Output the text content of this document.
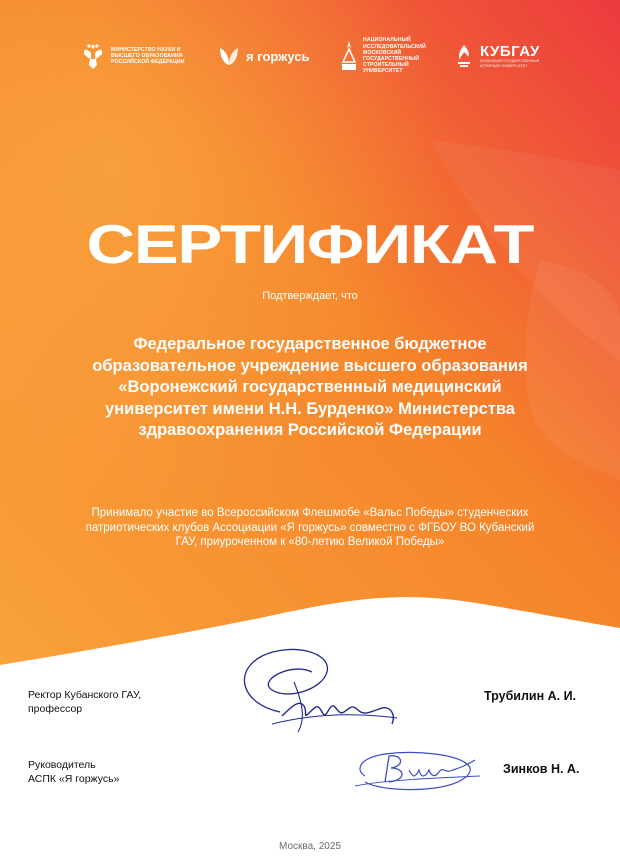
МИНИСТЕРСТВО НАУКИ И ВЫСШЕГО ОБРАЗОВАНИЯ РОССИЙСКОЙ ФЕДЕРАЦИИ	я горжусь
НАЦИОНАЛЬНЫЙ ИССЛЕДОВАТЕЛЬСКИЙ МОСКОВСКИЙ ГОСУДАРСТВЕННЫЙ СТРОИТЕЛЬНЫЙ УНИВЕРСИТЕТ
КУБГАУ
КУБАНСКИЙ ГОСУДАРСТВЕННЫЙ АГРАРНЫЙ УНИВЕРСИТЕТ
СЕРТИФИКАТ
Подтверждает, что
Федеральное государственное бюджетное образовательное учреждение высшего образования «Воронежский государственный медицинский университет имени Н.Н. Бурденко» Министерства здравоохранения Российской Федерации
Принимало участие во Всероссийском Флешмобе «Вальс Победы» студенческих патриотических клубов Ассоциации «Я горжусь» совместно с ФГБОУ ВО Кубанский ГАУ, приуроченном к «80-летию Великой Победы»
Ректор Кубанского ГАУ,
профессор
Трубилин А. И.
Руководитель
АСПК «Я горжусь»
Зинков Н. А.
Москва, 2025
